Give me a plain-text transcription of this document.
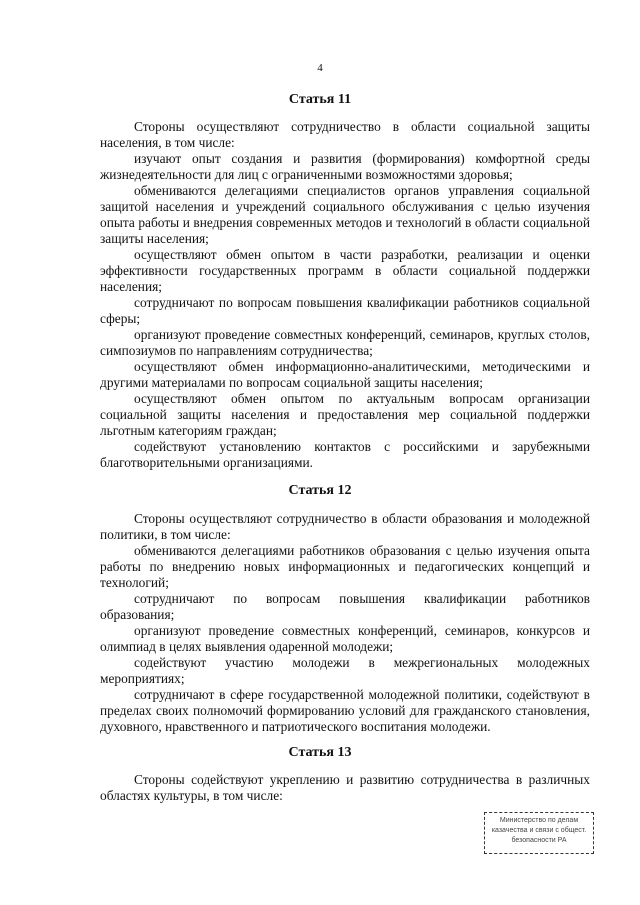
4
Статья 11

Стороны осуществляют сотрудничество в области социальной защиты населения, в том числе:

изучают опыт создания и развития (формирования) комфортной среды жизнедеятельности для лиц с ограниченными возможностями здоровья;

обмениваются делегациями специалистов органов управления социальной защитой населения и учреждений социального обслуживания с целью изучения опыта работы и внедрения современных методов и технологий в области социальной защиты населения;

осуществляют обмен опытом в части разработки, реализации и оценки эффективности государственных программ в области социальной поддержки населения;

сотрудничают по вопросам повышения квалификации работников социальной сферы;

организуют проведение совместных конференций, семинаров, круглых столов, симпозиумов по направлениям сотрудничества;

осуществляют обмен информационно-аналитическими, методическими и другими материалами по вопросам социальной защиты населения;

осуществляют обмен опытом по актуальным вопросам организации социальной защиты населения и предоставления мер социальной поддержки льготным категориям граждан;

содействуют установлению контактов с российскими и зарубежными благотворительными организациями.

Статья 12

Стороны осуществляют сотрудничество в области образования и молодежной политики, в том числе:

обмениваются делегациями работников образования с целью изучения опыта работы по внедрению новых информационных и педагогических концепций и технологий;

сотрудничают по вопросам повышения квалификации работников образования;

организуют проведение совместных конференций, семинаров, конкурсов и олимпиад в целях выявления одаренной молодежи;

содействуют участию молодежи в межрегиональных молодежных мероприятиях;

сотрудничают в сфере государственной молодежной политики, содействуют в пределах своих полномочий формированию условий для гражданского становления, духовного, нравственного и патриотического воспитания молодежи.

Статья 13

Стороны содействуют укреплению и развитию сотрудничества в различных областях культуры, в том числе:

Министерство по делам
казачества и связи с общест.
безопасности РА
